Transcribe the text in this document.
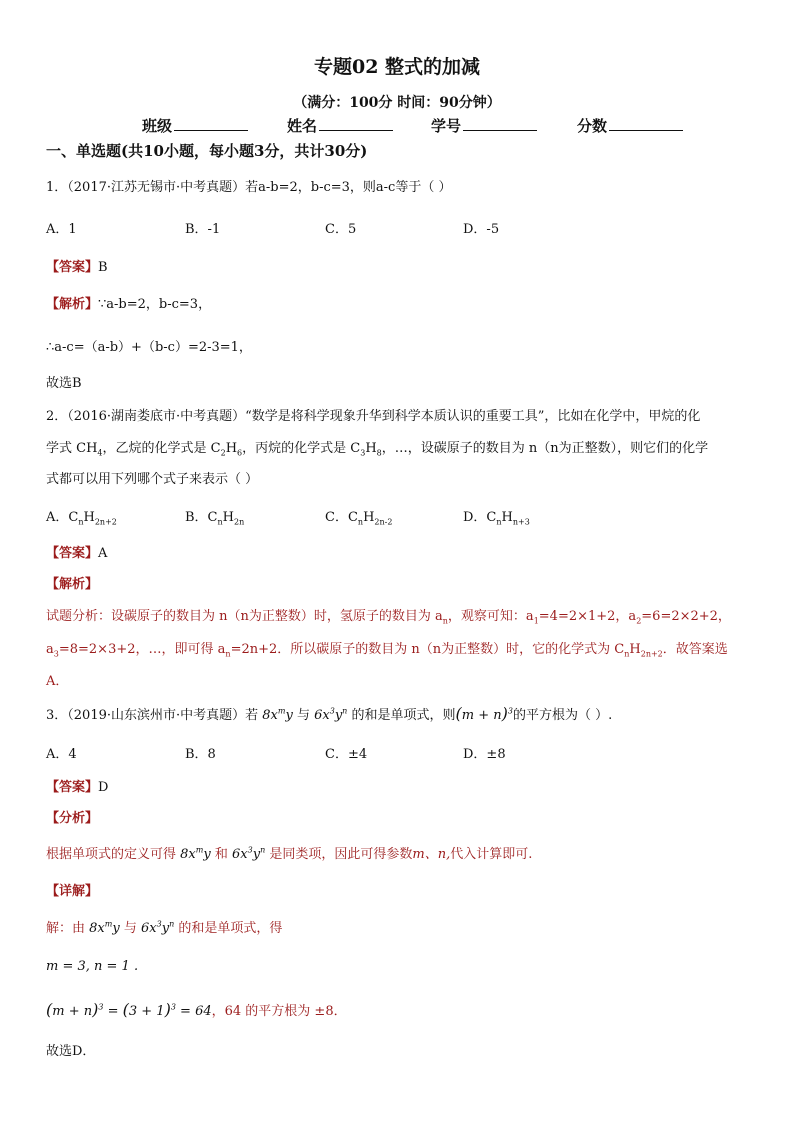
专题02 整式的加减
（满分：100分 时间：90分钟）
班级	姓名	学号	分数
一、单选题(共10小题，每小题3分，共计30分)
1．（2017·江苏无锡市·中考真题）若a-b=2，b-c=3，则a-c等于（ ）
A．1	B．-1	C．5	D．-5
【答案】B
【解析】∵a-b=2，b-c=3，
∴a-c=（a-b）+（b-c）=2-3=1，
故选B
2．（2016·湖南娄底市·中考真题）“数学是将科学现象升华到科学本质认识的重要工具”，比如在化学中，甲烷的化
学式 $CH_4$，乙烷的化学式是 $C_2H_6$，丙烷的化学式是 $C_3H_8$，…，设碳原子的数目为 n（n为正整数），则它们的化学
式都可以用下列哪个式子来表示（ ）
A．$C_nH_{2n+2}$	B．$C_nH_{2n}$	C．$C_nH_{2n-2}$	D．$C_nH_{n+3}$
【答案】A
【解析】
试题分析：设碳原子的数目为 n（n为正整数）时，氢原子的数目为 $a_n$，观察可知：$a_1=4=2\times 1+2$，$a_2=6=2\times 2+2$，
$a_3=8=2\times 3+2$，…，即可得 $a_n=2n+2$．所以碳原子的数目为 n（n为正整数）时，它的化学式为 $C_nH_{2n+2}$．故答案选
A．
3．（2019·山东滨州市·中考真题）若 $8x^my$ 与 $6x^3y^n$ 的和是单项式，则$(m + n)^3$的平方根为（ ）.
A．4	B．8	C．±4	D．±8
【答案】D
【分析】
根据单项式的定义可得 $8x^my$ 和 $6x^3y^n$ 是同类项，因此可得参数m、n,代入计算即可.
【详解】
解：由 $8x^my$ 与 $6x^3y^n$ 的和是单项式，得
m = 3, n = 1 .
$(m + n)^3 = (3 + 1)^3 = 64$，64 的平方根为 ±8．
故选D．
